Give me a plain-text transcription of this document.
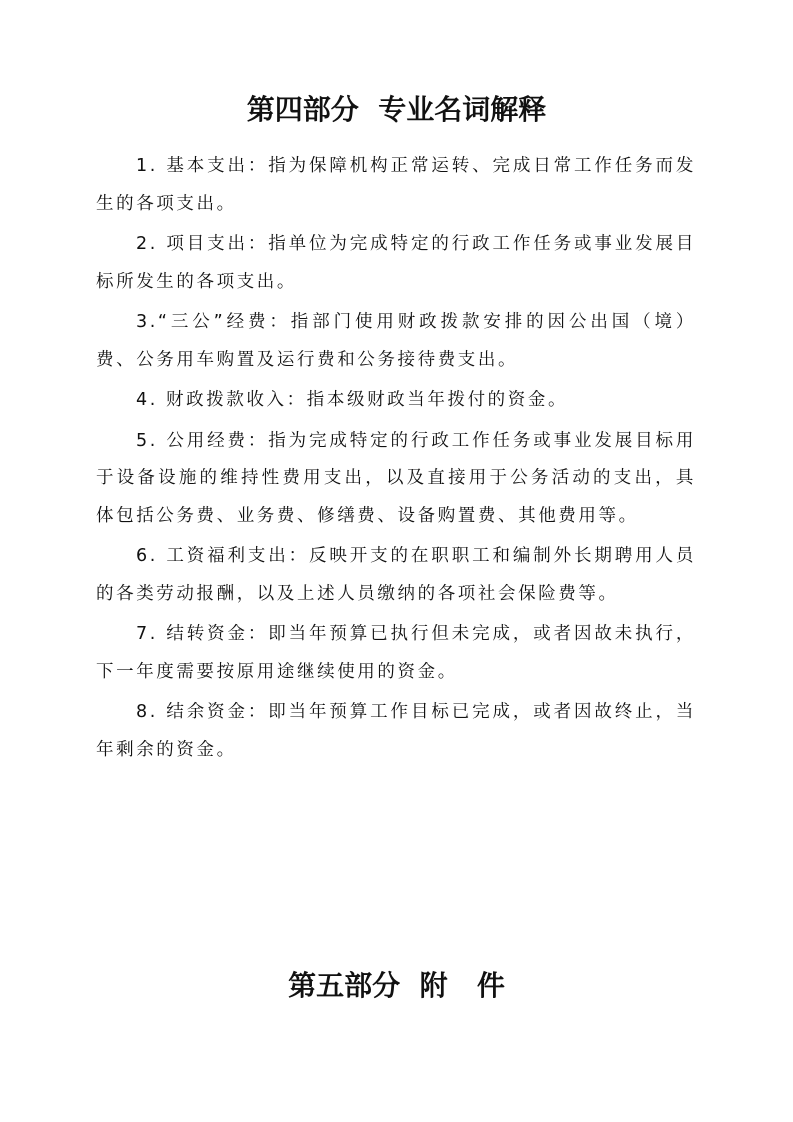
第四部分  专业名词解释
1. 基本支出：指为保障机构正常运转、完成日常工作任务而发生的各项支出。
2. 项目支出：指单位为完成特定的行政工作任务或事业发展目标所发生的各项支出。
3.“三公”经费：指部门使用财政拨款安排的因公出国（境）费、公务用车购置及运行费和公务接待费支出。
4. 财政拨款收入：指本级财政当年拨付的资金。
5. 公用经费：指为完成特定的行政工作任务或事业发展目标用于设备设施的维持性费用支出，以及直接用于公务活动的支出，具体包括公务费、业务费、修缮费、设备购置费、其他费用等。
6. 工资福利支出：反映开支的在职职工和编制外长期聘用人员的各类劳动报酬，以及上述人员缴纳的各项社会保险费等。
7. 结转资金：即当年预算已执行但未完成，或者因故未执行，下一年度需要按原用途继续使用的资金。
8. 结余资金：即当年预算工作目标已完成，或者因故终止，当年剩余的资金。
第五部分  附   件
